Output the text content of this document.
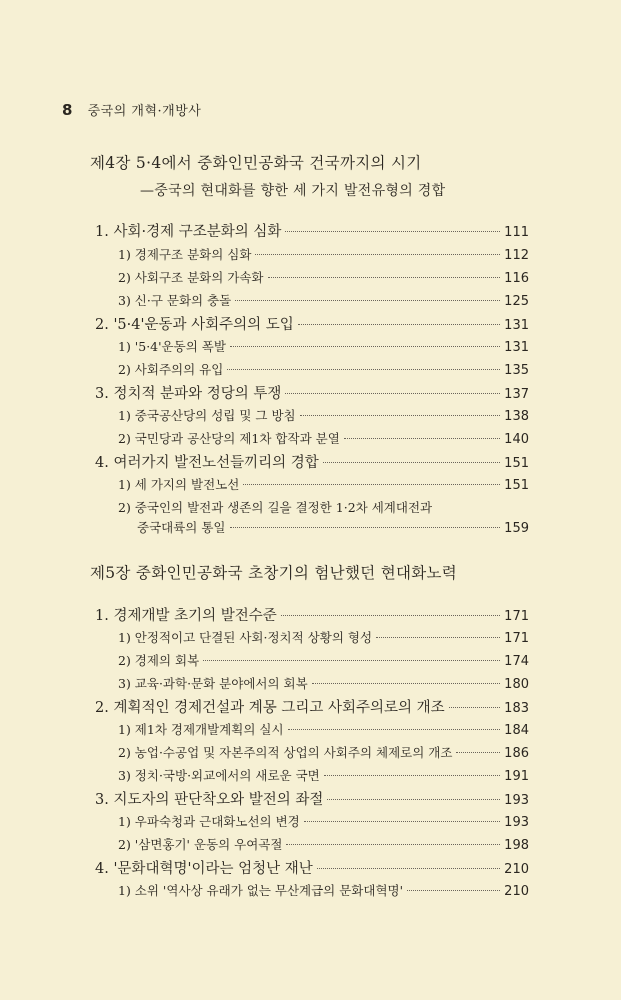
8 중국의 개혁·개방사
제4장 5·4에서 중화인민공화국 건국까지의 시기
—중국의 현대화를 향한 세 가지 발전유형의 경합
1. 사회·경제 구조분화의 심화	111
1) 경제구조 분화의 심화	112
2) 사회구조 분화의 가속화	116
3) 신·구 문화의 충돌	125
2. '5·4'운동과 사회주의의 도입	131
1) '5·4'운동의 폭발	131
2) 사회주의의 유입	135
3. 정치적 분파와 정당의 투쟁	137
1) 중국공산당의 성립 및 그 방침	138
2) 국민당과 공산당의 제1차 합작과 분열	140
4. 여러가지 발전노선들끼리의 경합	151
1) 세 가지의 발전노선	151
2) 중국인의 발전과 생존의 길을 결정한 1·2차 세계대전과
중국대륙의 통일	159
제5장 중화인민공화국 초창기의 험난했던 현대화노력
1. 경제개발 초기의 발전수준	171
1) 안정적이고 단결된 사회·정치적 상황의 형성	171
2) 경제의 회복	174
3) 교육·과학·문화 분야에서의 회복	180
2. 계획적인 경제건설과 계몽 그리고 사회주의로의 개조	183
1) 제1차 경제개발계획의 실시	184
2) 농업·수공업 및 자본주의적 상업의 사회주의 체제로의 개조	186
3) 정치·국방·외교에서의 새로운 국면	191
3. 지도자의 판단착오와 발전의 좌절	193
1) 우파숙청과 근대화노선의 변경	193
2) '삼면홍기' 운동의 우여곡절	198
4. '문화대혁명'이라는 엄청난 재난	210
1) 소위 '역사상 유래가 없는 무산계급의 문화대혁명'	210
